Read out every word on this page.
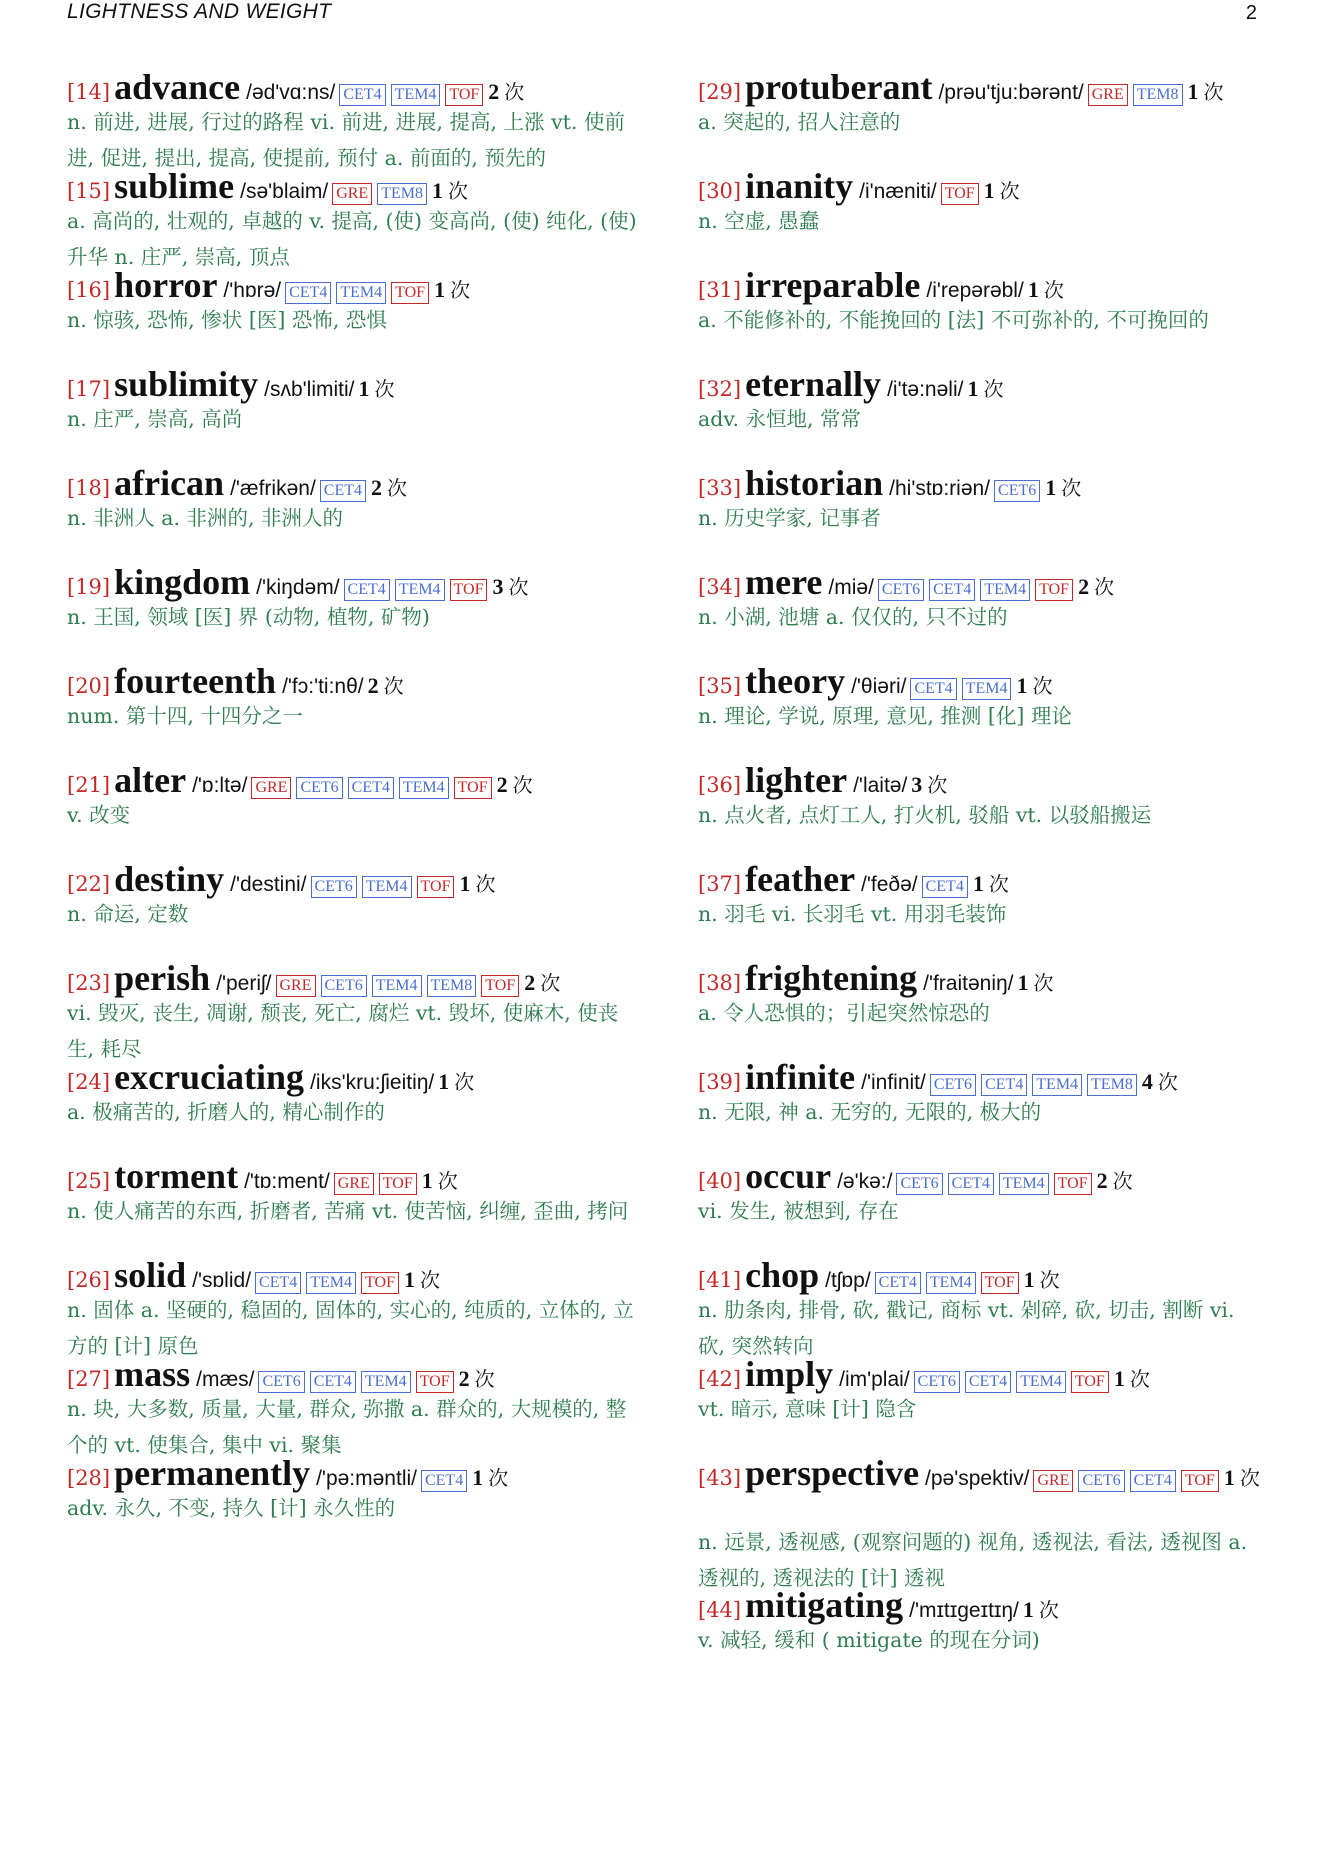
LIGHTNESS AND WEIGHT	2
[14] advance /əd'vɑ:ns/ CET4 TEM4 TOF 2 次
n. 前进, 进展, 行过的路程 vi. 前进, 进展, 提高, 上涨 vt. 使前进, 促进, 提出, 提高, 使提前, 预付 a. 前面的, 预先的
[15] sublime /sə'blaim/ GRE TEM8 1 次
a. 高尚的, 壮观的, 卓越的 v. 提高, (使) 变高尚, (使) 纯化, (使) 升华 n. 庄严, 崇高, 顶点
[16] horror /'hɒrə/ CET4 TEM4 TOF 1 次
n. 惊骇, 恐怖, 惨状 [医] 恐怖, 恐惧
[17] sublimity /sʌb'limiti/ 1 次
n. 庄严, 崇高, 高尚
[18] african /'æfrikən/ CET4 2 次
n. 非洲人 a. 非洲的, 非洲人的
[19] kingdom /'kiŋdəm/ CET4 TEM4 TOF 3 次
n. 王国, 领域 [医] 界 (动物, 植物, 矿物)
[20] fourteenth /'fɔ:'ti:nθ/ 2 次
num. 第十四, 十四分之一
[21] alter /'ɒ:ltə/ GRE CET6 CET4 TEM4 TOF 2 次
v. 改变
[22] destiny /'destini/ CET6 TEM4 TOF 1 次
n. 命运, 定数
[23] perish /'periʃ/ GRE CET6 TEM4 TEM8 TOF 2 次
vi. 毁灭, 丧生, 凋谢, 颓丧, 死亡, 腐烂 vt. 毁坏, 使麻木, 使丧生, 耗尽
[24] excruciating /iks'kru:ʃieitiŋ/ 1 次
a. 极痛苦的, 折磨人的, 精心制作的
[25] torment /'tɒ:ment/ GRE TOF 1 次
n. 使人痛苦的东西, 折磨者, 苦痛 vt. 使苦恼, 纠缠, 歪曲, 拷问
[26] solid /'sɒlid/ CET4 TEM4 TOF 1 次
n. 固体 a. 坚硬的, 稳固的, 固体的, 实心的, 纯质的, 立体的, 立方的 [计] 原色
[27] mass /mæs/ CET6 CET4 TEM4 TOF 2 次
n. 块, 大多数, 质量, 大量, 群众, 弥撒 a. 群众的, 大规模的, 整个的 vt. 使集合, 集中 vi. 聚集
[28] permanently /'pə:məntli/ CET4 1 次
adv. 永久, 不变, 持久 [计] 永久性的
[29] protuberant /prəu'tju:bərənt/ GRE TEM8 1 次
a. 突起的, 招人注意的
[30] inanity /i'næniti/ TOF 1 次
n. 空虚, 愚蠢
[31] irreparable /i'repərəbl/ 1 次
a. 不能修补的, 不能挽回的 [法] 不可弥补的, 不可挽回的
[32] eternally /i'tə:nəli/ 1 次
adv. 永恒地, 常常
[33] historian /hi'stɒ:riən/ CET6 1 次
n. 历史学家, 记事者
[34] mere /miə/ CET6 CET4 TEM4 TOF 2 次
n. 小湖, 池塘 a. 仅仅的, 只不过的
[35] theory /'θiəri/ CET4 TEM4 1 次
n. 理论, 学说, 原理, 意见, 推测 [化] 理论
[36] lighter /'laitə/ 3 次
n. 点火者, 点灯工人, 打火机, 驳船 vt. 以驳船搬运
[37] feather /'feðə/ CET4 1 次
n. 羽毛 vi. 长羽毛 vt. 用羽毛装饰
[38] frightening /'fraitəniŋ/ 1 次
a. 令人恐惧的；引起突然惊恐的
[39] infinite /'infinit/ CET6 CET4 TEM4 TEM8 4 次
n. 无限, 神 a. 无穷的, 无限的, 极大的
[40] occur /ə'kə:/ CET6 CET4 TEM4 TOF 2 次
vi. 发生, 被想到, 存在
[41] chop /tʃɒp/ CET4 TEM4 TOF 1 次
n. 肋条肉, 排骨, 砍, 戳记, 商标 vt. 剁碎, 砍, 切击, 割断 vi. 砍, 突然转向
[42] imply /im'plai/ CET6 CET4 TEM4 TOF 1 次
vt. 暗示, 意味 [计] 隐含
[43] perspective /pə'spektiv/ GRE CET6 CET4 TOF 1 次
n. 远景, 透视感, (观察问题的) 视角, 透视法, 看法, 透视图 a. 透视的, 透视法的 [计] 透视
[44] mitigating /'mɪtɪgeɪtɪŋ/ 1 次
v. 减轻, 缓和 ( mitigate 的现在分词)
